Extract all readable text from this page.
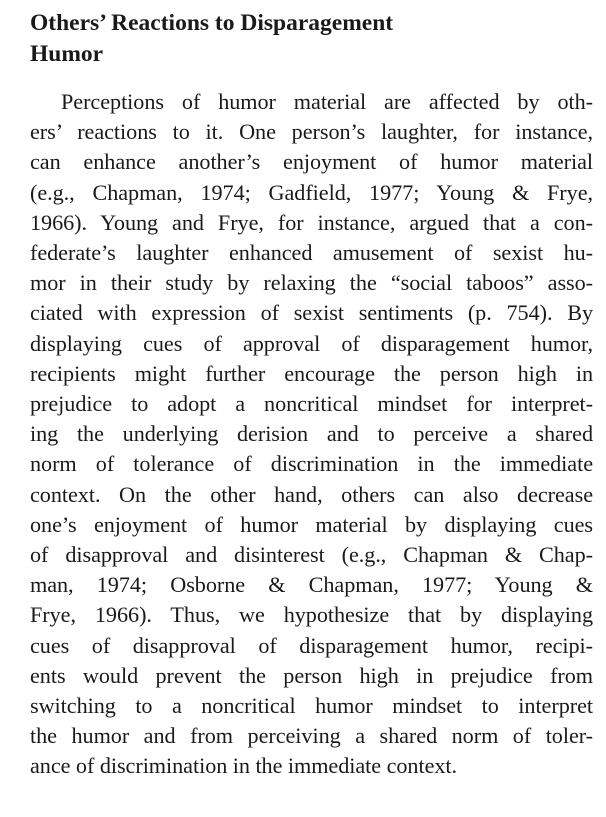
Others’ Reactions to Disparagement Humor
Perceptions of humor material are affected by oth-
ers’ reactions to it. One person’s laughter, for instance,
can enhance another’s enjoyment of humor material
(e.g., Chapman, 1974; Gadfield, 1977; Young & Frye,
1966). Young and Frye, for instance, argued that a con-
federate’s laughter enhanced amusement of sexist hu-
mor in their study by relaxing the “social taboos” asso-
ciated with expression of sexist sentiments (p. 754). By
displaying cues of approval of disparagement humor,
recipients might further encourage the person high in
prejudice to adopt a noncritical mindset for interpret-
ing the underlying derision and to perceive a shared
norm of tolerance of discrimination in the immediate
context. On the other hand, others can also decrease
one’s enjoyment of humor material by displaying cues
of disapproval and disinterest (e.g., Chapman & Chap-
man, 1974; Osborne & Chapman, 1977; Young &
Frye, 1966). Thus, we hypothesize that by displaying
cues of disapproval of disparagement humor, recipi-
ents would prevent the person high in prejudice from
switching to a noncritical humor mindset to interpret
the humor and from perceiving a shared norm of toler-
ance of discrimination in the immediate context.
